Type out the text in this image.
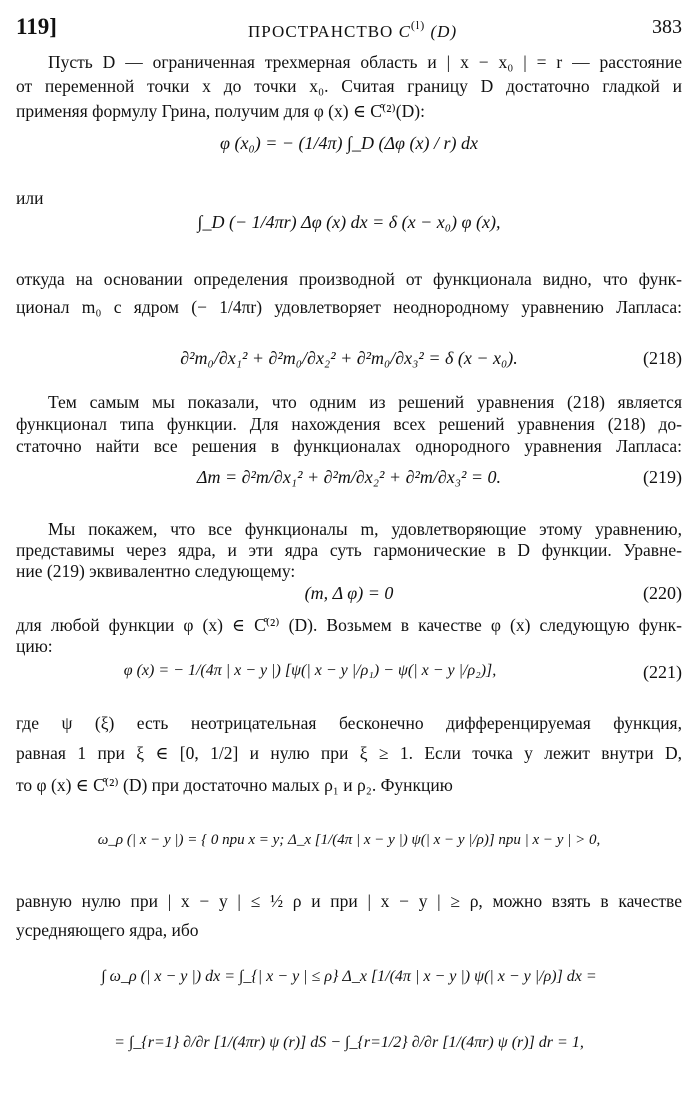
119]	ПРОСТРАНСТВО $C^{(l)}$ (D)	383
Пусть D — ограниченная трехмерная область и | x − x₀ | = r — расстояние
от переменной точки x до точки x₀. Считая границу D достаточно гладкой и
применяя формулу Грина, получим для φ (x) ∈ C̊⁽²⁾(D):
φ (x₀) = − (1/4π) ∫_D (Δφ (x) / r) dx
или
∫_D (− 1/4πr) Δφ (x) dx = δ (x − x₀) φ (x),
откуда на основании определения производной от функционала видно, что функ-
ционал m₀ с ядром (− 1/4πr) удовлетворяет неоднородному уравнению Лапласа:
∂²m₀/∂x₁² + ∂²m₀/∂x₂² + ∂²m₀/∂x₃² = δ (x − x₀).	(218)
Тем самым мы показали, что одним из решений уравнения (218) является
функционал типа функции. Для нахождения всех решений уравнения (218) до-
статочно найти все решения в функционалах однородного уравнения Лапласа:
Δm = ∂²m/∂x₁² + ∂²m/∂x₂² + ∂²m/∂x₃² = 0.	(219)
Мы покажем, что все функционалы m, удовлетворяющие этому уравнению,
представимы через ядра, и эти ядра суть гармонические в D функции. Уравне-
ние (219) эквивалентно следующему:
(m, Δ φ) = 0	(220)
для любой функции φ (x) ∈ C̊⁽²⁾ (D). Возьмем в качестве φ (x) следующую функ-
цию:
φ (x) = − 1/(4π | x − y |) [ψ(| x − y |/ρ₁) − ψ(| x − y |/ρ₂)],	(221)
где ψ (ξ) есть неотрицательная бесконечно дифференцируемая функция,
равная 1 при ξ ∈ [0, 1/2] и нулю при ξ ≥ 1. Если точка y лежит внутри D,
то φ (x) ∈ C̊⁽²⁾ (D) при достаточно малых ρ₁ и ρ₂. Функцию
ω_ρ (| x − y |) = { 0 при x = y; Δ_x [1/(4π | x − y |) ψ(| x − y |/ρ)] при | x − y | > 0,
равную нулю при | x − y | ≤ ½ ρ и при | x − y | ≥ ρ, можно взять в качестве
усредняющего ядра, ибо
∫ ω_ρ (| x − y |) dx = ∫_{| x − y | ≤ ρ} Δ_x [1/(4π | x − y |) ψ(| x − y |/ρ)] dx =
= ∫_{r=1} ∂/∂r [1/(4πr) ψ (r)] dS − ∫_{r=1/2} ∂/∂r [1/(4πr) ψ (r)] dr = 1,
